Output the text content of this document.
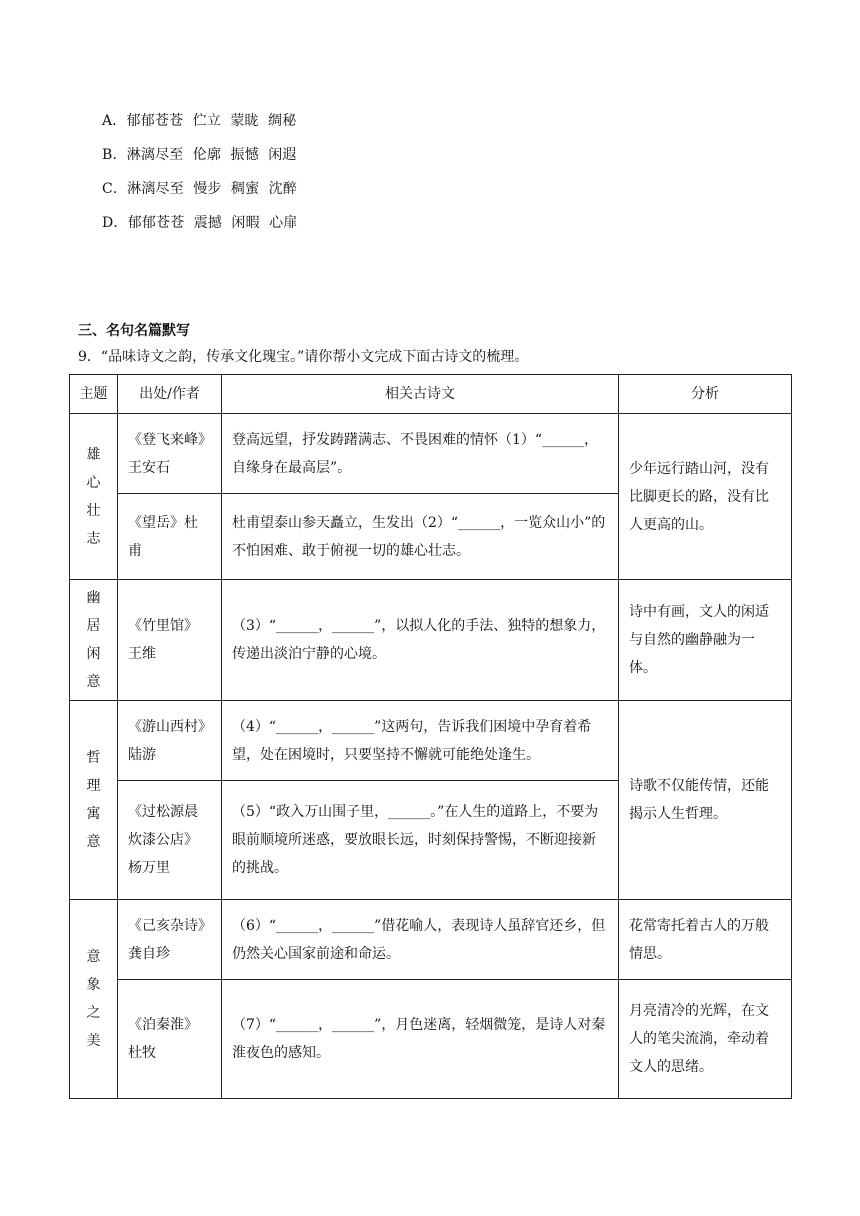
A．郁郁苍苍  伫立  蒙眬  绸秘
B．淋漓尽至  伦廓  振憾  闲遐
C．淋漓尽至  慢步  稠蜜  沈醉
D．郁郁苍苍  震撼  闲暇  心扉
三、名句名篇默写
9．“品味诗文之韵，传承文化瑰宝。”请你帮小文完成下面古诗文的梳理。
主题	出处/作者	相关古诗文	分析
雄心壮志	《登飞来峰》王安石	登高远望，抒发踌躇满志、不畏困难的情怀（1）“______，自缘身在最高层”。	少年远行踏山河，没有比脚更长的路，没有比人更高的山。
	《望岳》杜甫	杜甫望泰山参天矗立，生发出（2）“______，一览众山小”的不怕困难、敢于俯视一切的雄心壮志。	
幽居闲意	《竹里馆》王维	（3）“______，______”，以拟人化的手法、独特的想象力，传递出淡泊宁静的心境。	诗中有画，文人的闲适与自然的幽静融为一体。
哲理寓意	《游山西村》陆游	（4）“______，______”这两句，告诉我们困境中孕育着希望，处在困境时，只要坚持不懈就可能绝处逢生。	诗歌不仅能传情，还能揭示人生哲理。
	《过松源晨炊漆公店》杨万里	（5）“政入万山围子里，______。”在人生的道路上，不要为眼前顺境所迷惑，要放眼长远，时刻保持警惕，不断迎接新的挑战。	
意象之美	《己亥杂诗》龚自珍	（6）“______，______”借花喻人，表现诗人虽辞官还乡，但仍然关心国家前途和命运。	花常寄托着古人的万般情思。
	《泊秦淮》杜牧	（7）“______，______”，月色迷离，轻烟微笼，是诗人对秦淮夜色的感知。	月亮清冷的光辉，在文人的笔尖流淌，牵动着文人的思绪。
